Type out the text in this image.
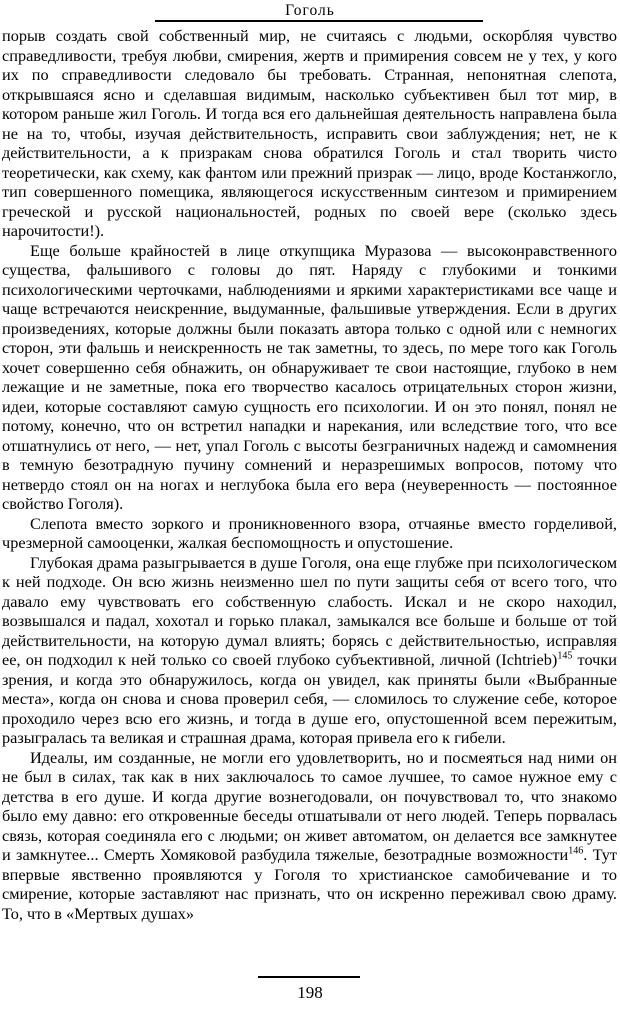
Гоголь

порыв создать свой собственный мир, не считаясь с людьми, оскорбляя чувство справедливости, требуя любви, смирения, жертв и примирения совсем не у тех, у кого их по справедливости следовало бы требовать. Странная, непонятная слепота, открывшаяся ясно и сделавшая видимым, насколько субъективен был тот мир, в котором раньше жил Гоголь. И тогда вся его дальнейшая деятельность направлена была не на то, чтобы, изучая действительность, исправить свои заблуждения; нет, не к действительности, а к призракам снова обратился Гоголь и стал творить чисто теоретически, как схему, как фантом или прежний призрак — лицо, вроде Костанжогло, тип совершенного помещика, являющегося искусственным синтезом и примирением греческой и русской национальностей, родных по своей вере (сколько здесь нарочитости!).

Еще больше крайностей в лице откупщика Муразова — высоконравственного существа, фальшивого с головы до пят. Наряду с глубокими и тонкими психологическими черточками, наблюдениями и яркими характеристиками все чаще и чаще встречаются неискренние, выдуманные, фальшивые утверждения. Если в других произведениях, которые должны были показать автора только с одной или с немногих сторон, эти фальшь и неискренность не так заметны, то здесь, по мере того как Гоголь хочет совершенно себя обнажить, он обнаруживает те свои настоящие, глубоко в нем лежащие и не заметные, пока его творчество касалось отрицательных сторон жизни, идеи, которые составляют самую сущность его психологии. И он это понял, понял не потому, конечно, что он встретил нападки и нарекания, или вследствие того, что все отшатнулись от него, — нет, упал Гоголь с высоты безграничных надежд и самомнения в темную безотрадную пучину сомнений и неразрешимых вопросов, потому что нетвердо стоял он на ногах и неглубока была его вера (неуверенность — постоянное свойство Гоголя).

Слепота вместо зоркого и проникновенного взора, отчаянье вместо горделивой, чрезмерной самооценки, жалкая беспомощность и опустошение.

Глубокая драма разыгрывается в душе Гоголя, она еще глубже при психологическом к ней подходе. Он всю жизнь неизменно шел по пути защиты себя от всего того, что давало ему чувствовать его собственную слабость. Искал и не скоро находил, возвышался и падал, хохотал и горько плакал, замыкался все больше и больше от той действительности, на которую думал влиять; борясь с действительностью, исправляя ее, он подходил к ней только со своей глубоко субъективной, личной (Ichtrieb)$^{145}$ точки зрения, и когда это обнаружилось, когда он увидел, как приняты были «Выбранные места», когда он снова и снова проверил себя, — сломилось то служение себе, которое проходило через всю его жизнь, и тогда в душе его, опустошенной всем пережитым, разыгралась та великая и страшная драма, которая привела его к гибели.

Идеалы, им созданные, не могли его удовлетворить, но и посмеяться над ними он не был в силах, так как в них заключалось то самое лучшее, то самое нужное ему с детства в его душе. И когда другие вознегодовали, он почувствовал то, что знакомо было ему давно: его откровенные беседы отшатывали от него людей. Теперь порвалась связь, которая соединяла его с людьми; он живет автоматом, он делается все замкнутее и замкнутее... Смерть Хомяковой разбудила тяжелые, безотрадные возможности$^{146}$. Тут впервые явственно проявляются у Гоголя то христианское самобичевание и то смирение, которые заставляют нас признать, что он искренно переживал свою драму. То, что в «Мертвых душах»

198
